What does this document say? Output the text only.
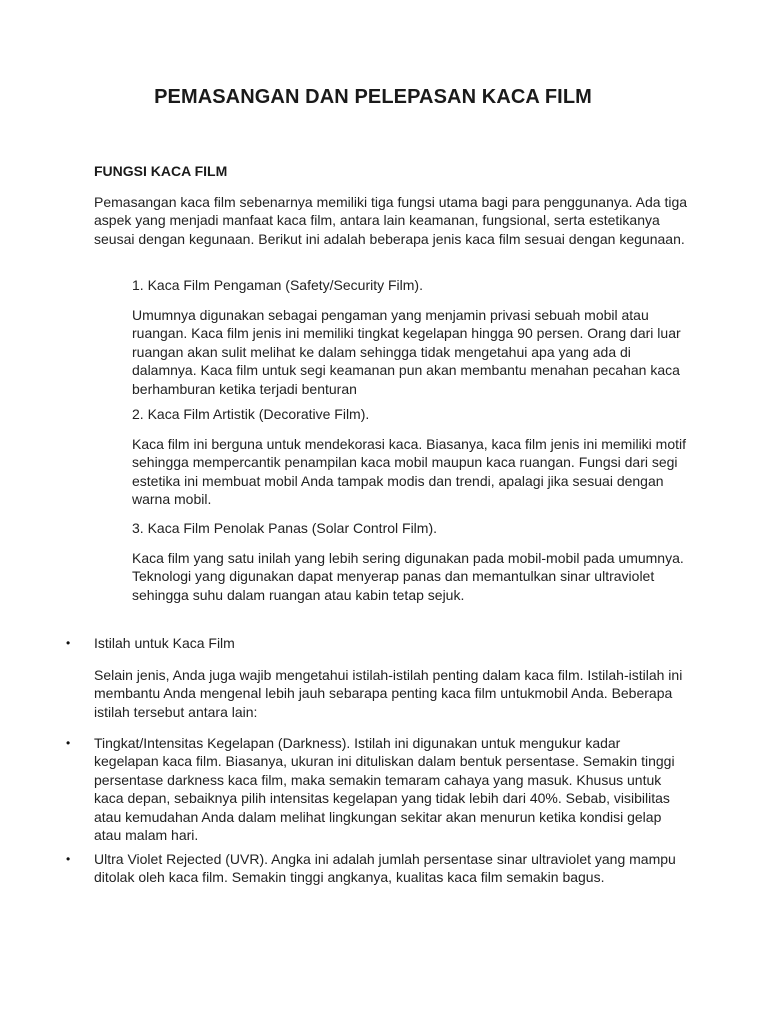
PEMASANGAN DAN PELEPASAN KACA FILM
FUNGSI KACA FILM
Pemasangan kaca film sebenarnya memiliki tiga fungsi utama bagi para penggunanya. Ada tiga aspek yang menjadi manfaat kaca film, antara lain keamanan, fungsional, serta estetikanya seusai dengan kegunaan. Berikut ini adalah beberapa jenis kaca film sesuai dengan kegunaan.
1. Kaca Film Pengaman (Safety/Security Film).
Umumnya digunakan sebagai pengaman yang menjamin privasi sebuah mobil atau ruangan. Kaca film jenis ini memiliki tingkat kegelapan hingga 90 persen. Orang dari luar ruangan akan sulit melihat ke dalam sehingga tidak mengetahui apa yang ada di dalamnya. Kaca film untuk segi keamanan pun akan membantu menahan pecahan kaca berhamburan ketika terjadi benturan
2. Kaca Film Artistik (Decorative Film).
Kaca film ini berguna untuk mendekorasi kaca. Biasanya, kaca film jenis ini memiliki motif sehingga mempercantik penampilan kaca mobil maupun kaca ruangan. Fungsi dari segi estetika ini membuat mobil Anda tampak modis dan trendi, apalagi jika sesuai dengan warna mobil.
3. Kaca Film Penolak Panas (Solar Control Film).
Kaca film yang satu inilah yang lebih sering digunakan pada mobil-mobil pada umumnya. Teknologi yang digunakan dapat menyerap panas dan memantulkan sinar ultraviolet sehingga suhu dalam ruangan atau kabin tetap sejuk.
•	Istilah untuk Kaca Film
Selain jenis, Anda juga wajib mengetahui istilah-istilah penting dalam kaca film. Istilah-istilah ini membantu Anda mengenal lebih jauh sebarapa penting kaca film untukmobil Anda. Beberapa istilah tersebut antara lain:
•	Tingkat/Intensitas Kegelapan (Darkness). Istilah ini digunakan untuk mengukur kadar kegelapan kaca film. Biasanya, ukuran ini dituliskan dalam bentuk persentase. Semakin tinggi persentase darkness kaca film, maka semakin temaram cahaya yang masuk. Khusus untuk kaca depan, sebaiknya pilih intensitas kegelapan yang tidak lebih dari 40%. Sebab, visibilitas atau kemudahan Anda dalam melihat lingkungan sekitar akan menurun ketika kondisi gelap atau malam hari.
•	Ultra Violet Rejected (UVR). Angka ini adalah jumlah persentase sinar ultraviolet yang mampu ditolak oleh kaca film. Semakin tinggi angkanya, kualitas kaca film semakin bagus.
